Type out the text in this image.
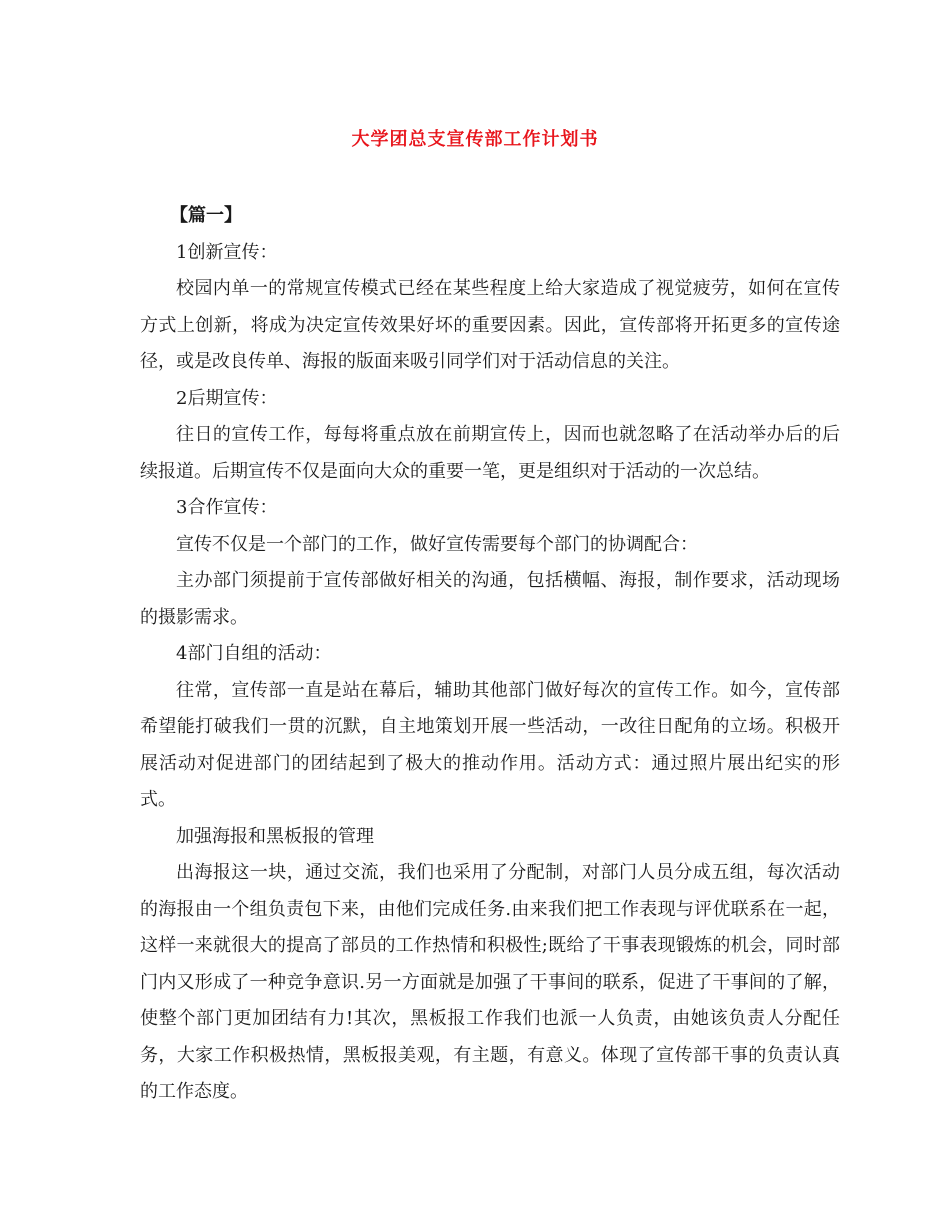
大学团总支宣传部工作计划书

【篇一】

1创新宣传：

校园内单一的常规宣传模式已经在某些程度上给大家造成了视觉疲劳，如何在宣传方式上创新，将成为决定宣传效果好坏的重要因素。因此，宣传部将开拓更多的宣传途径，或是改良传单、海报的版面来吸引同学们对于活动信息的关注。

2后期宣传：

往日的宣传工作，每每将重点放在前期宣传上，因而也就忽略了在活动举办后的后续报道。后期宣传不仅是面向大众的重要一笔，更是组织对于活动的一次总结。

3合作宣传：

宣传不仅是一个部门的工作，做好宣传需要每个部门的协调配合：

主办部门须提前于宣传部做好相关的沟通，包括横幅、海报，制作要求，活动现场的摄影需求。

4部门自组的活动：

往常，宣传部一直是站在幕后，辅助其他部门做好每次的宣传工作。如今，宣传部希望能打破我们一贯的沉默，自主地策划开展一些活动，一改往日配角的立场。积极开展活动对促进部门的团结起到了极大的推动作用。活动方式：通过照片展出纪实的形式。

加强海报和黑板报的管理

出海报这一块，通过交流，我们也采用了分配制，对部门人员分成五组，每次活动的海报由一个组负责包下来，由他们完成任务.由来我们把工作表现与评优联系在一起，这样一来就很大的提高了部员的工作热情和积极性;既给了干事表现锻炼的机会，同时部门内又形成了一种竞争意识.另一方面就是加强了干事间的联系，促进了干事间的了解，使整个部门更加团结有力!其次，黑板报工作我们也派一人负责，由她该负责人分配任务，大家工作积极热情，黑板报美观，有主题，有意义。体现了宣传部干事的负责认真的工作态度。
